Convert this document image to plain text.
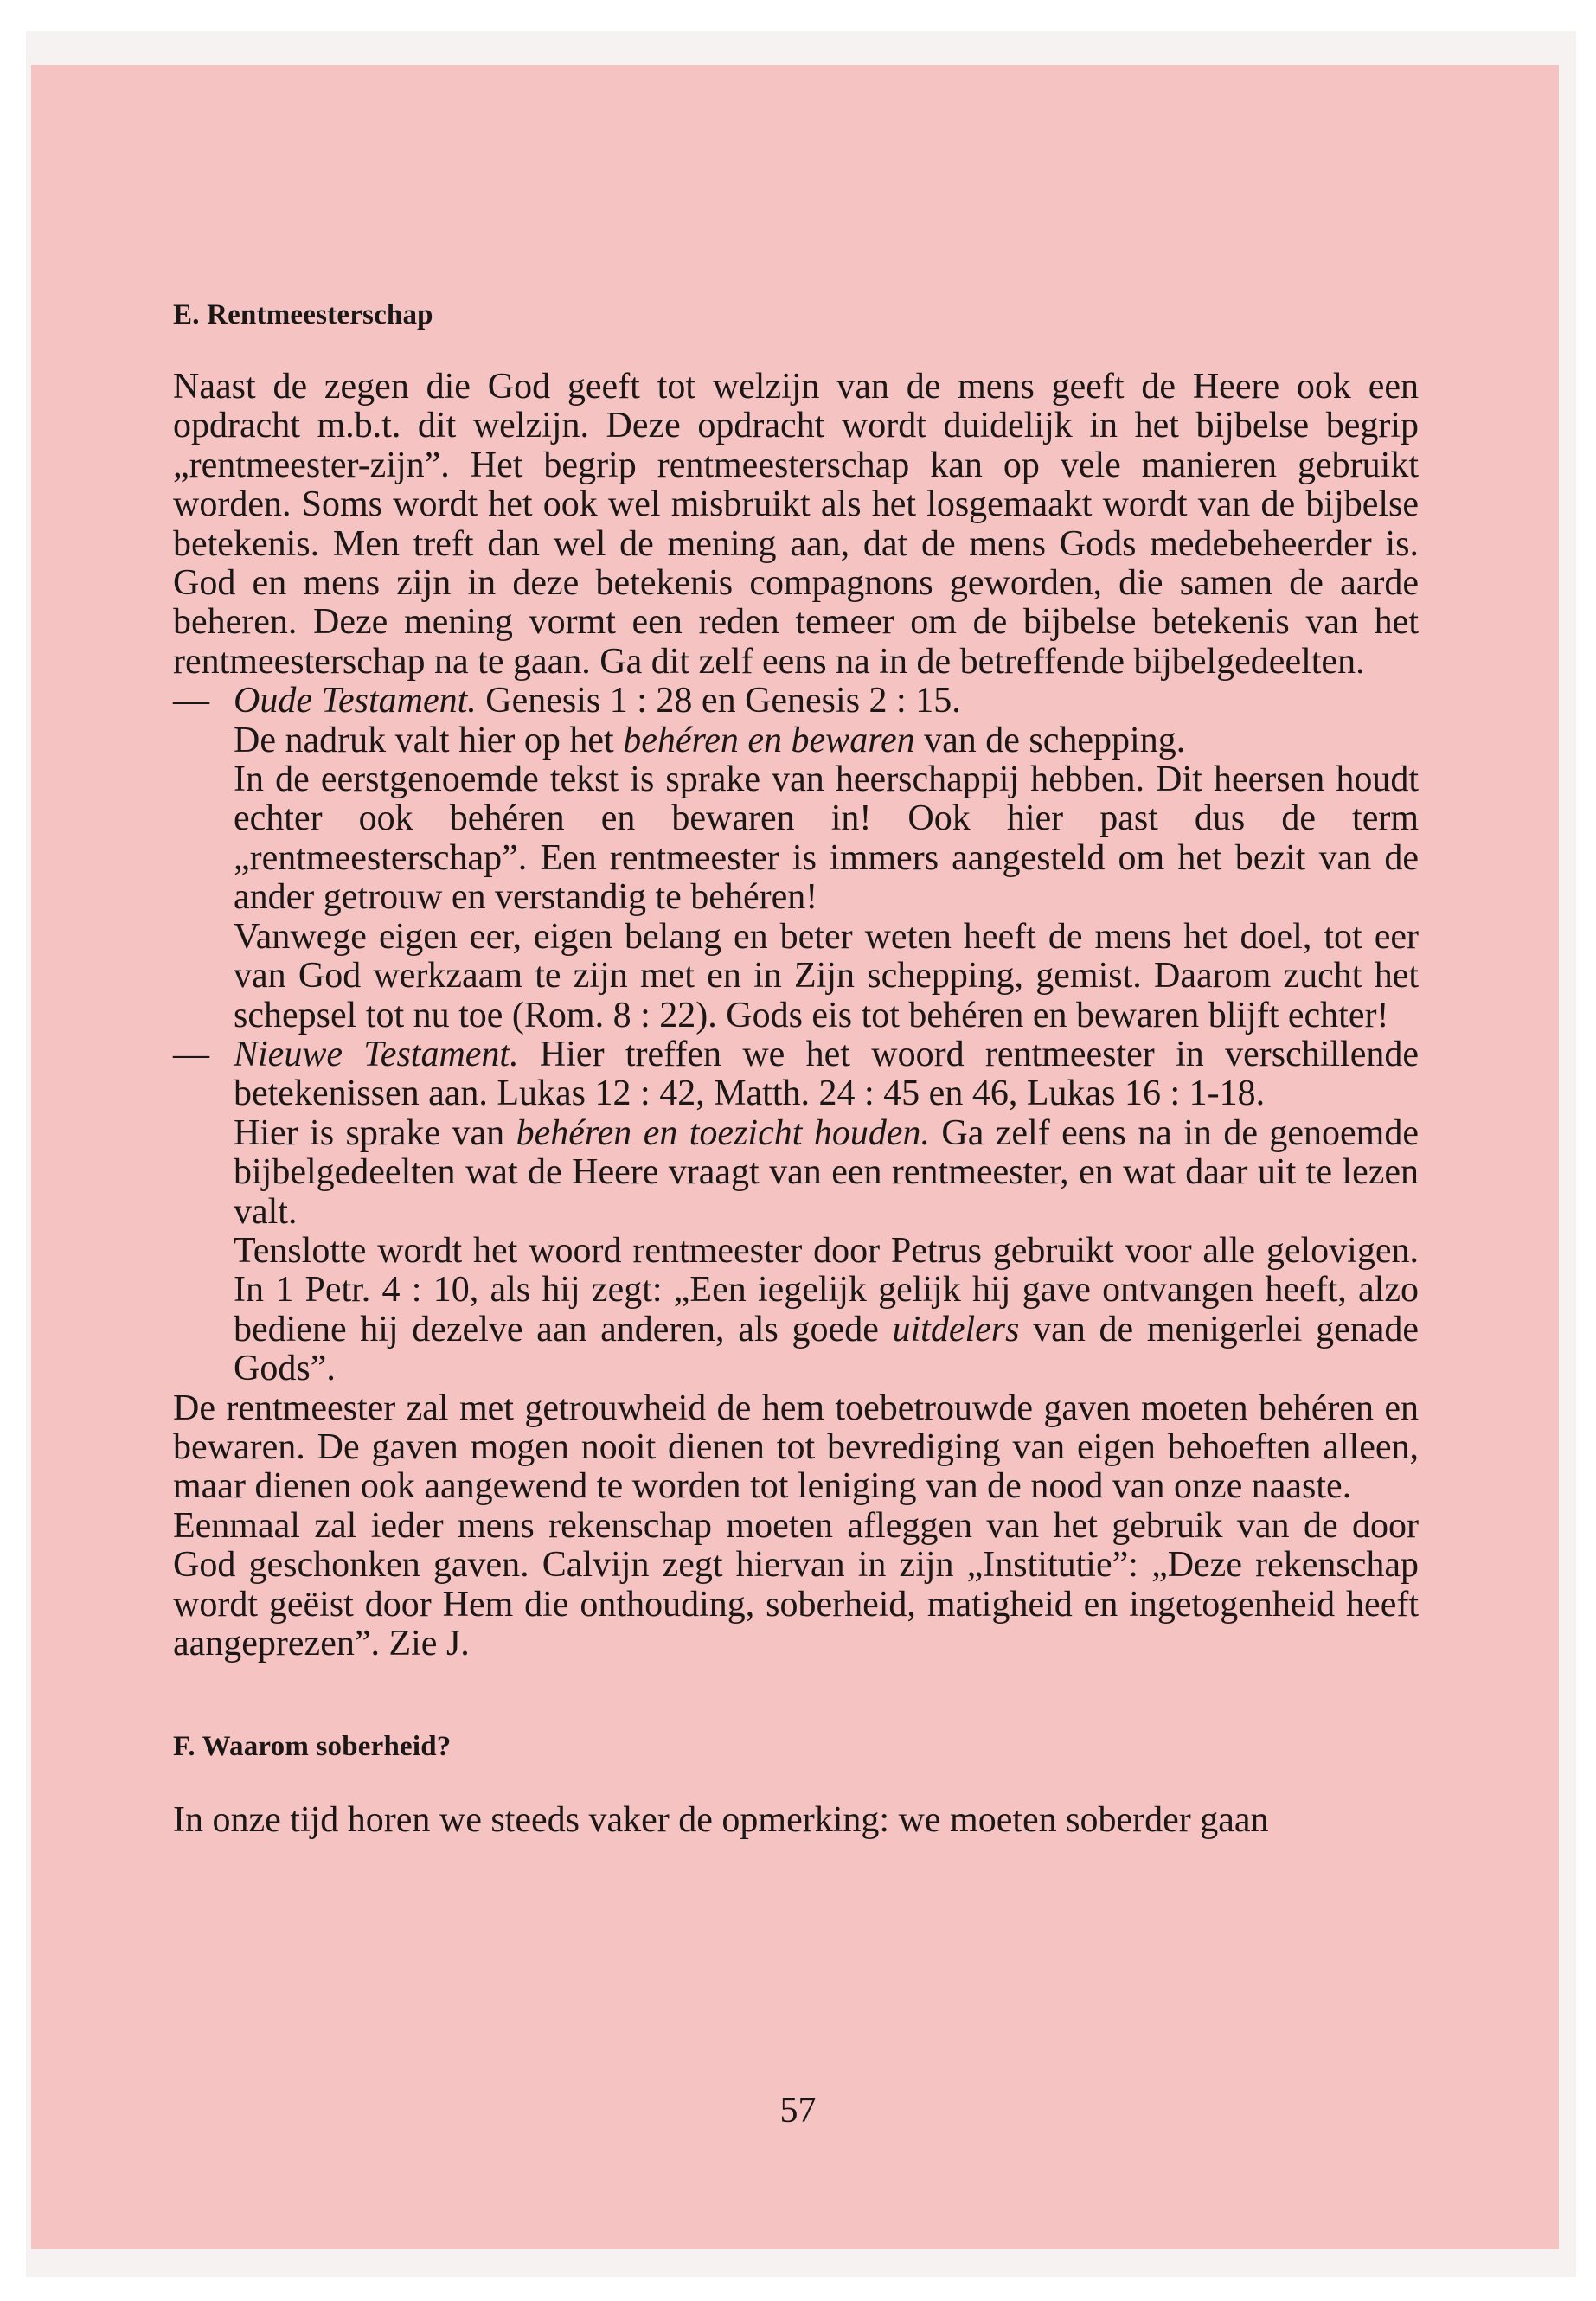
E. Rentmeesterschap

Naast de zegen die God geeft tot welzijn van de mens geeft de Heere ook een opdracht m.b.t. dit welzijn. Deze opdracht wordt duidelijk in het bijbelse begrip „rentmeester-zijn”. Het begrip rentmeesterschap kan op vele manieren gebruikt worden. Soms wordt het ook wel misbruikt als het losgemaakt wordt van de bijbelse betekenis. Men treft dan wel de mening aan, dat de mens Gods medebeheerder is. God en mens zijn in deze betekenis compagnons geworden, die samen de aarde beheren. Deze mening vormt een reden temeer om de bijbelse betekenis van het rentmeesterschap na te gaan. Ga dit zelf eens na in de betreffende bijbelgedeelten.

— Oude Testament. Genesis 1 : 28 en Genesis 2 : 15.

De nadruk valt hier op het behéren en bewaren van de schepping.

In de eerstgenoemde tekst is sprake van heerschappij hebben. Dit heersen houdt echter ook behéren en bewaren in! Ook hier past dus de term „rentmeesterschap”. Een rentmeester is immers aangesteld om het bezit van de ander getrouw en verstandig te behéren!

Vanwege eigen eer, eigen belang en beter weten heeft de mens het doel, tot eer van God werkzaam te zijn met en in Zijn schepping, gemist. Daarom zucht het schepsel tot nu toe (Rom. 8 : 22). Gods eis tot behéren en bewaren blijft echter!

— Nieuwe Testament. Hier treffen we het woord rentmeester in verschillende betekenissen aan. Lukas 12 : 42, Matth. 24 : 45 en 46, Lukas 16 : 1-18.

Hier is sprake van behéren en toezicht houden. Ga zelf eens na in de genoemde bijbelgedeelten wat de Heere vraagt van een rentmeester, en wat daar uit te lezen valt.

Tenslotte wordt het woord rentmeester door Petrus gebruikt voor alle gelovigen. In 1 Petr. 4 : 10, als hij zegt: „Een iegelijk gelijk hij gave ontvangen heeft, alzo bediene hij dezelve aan anderen, als goede uitdelers van de menigerlei genade Gods”.

De rentmeester zal met getrouwheid de hem toebetrouwde gaven moeten behéren en bewaren. De gaven mogen nooit dienen tot bevrediging van eigen behoeften alleen, maar dienen ook aangewend te worden tot leniging van de nood van onze naaste.

Eenmaal zal ieder mens rekenschap moeten afleggen van het gebruik van de door God geschonken gaven. Calvijn zegt hiervan in zijn „Institutie”: „Deze rekenschap wordt geëist door Hem die onthouding, soberheid, matigheid en ingetogenheid heeft aangeprezen”. Zie J.

F. Waarom soberheid?

In onze tijd horen we steeds vaker de opmerking: we moeten soberder gaan

57
